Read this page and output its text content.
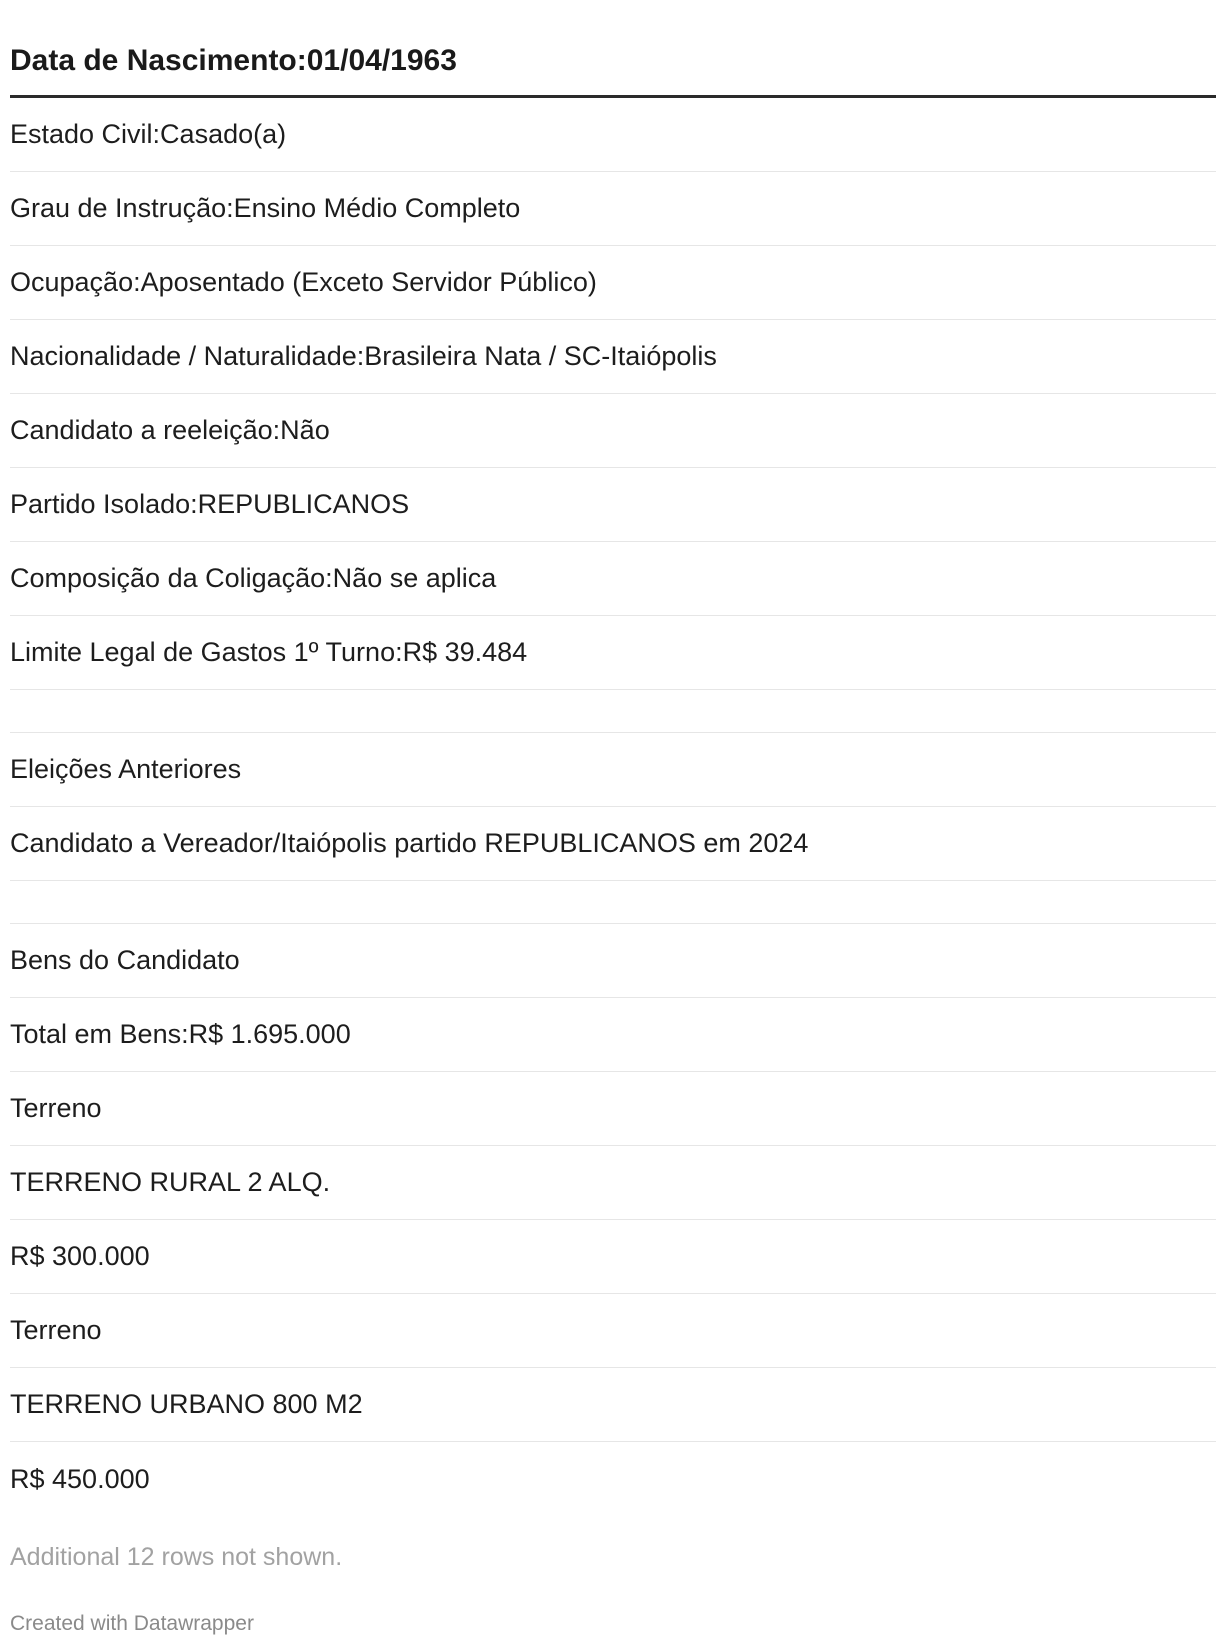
Data de Nascimento:01/04/1963
Estado Civil:Casado(a)
Grau de Instrução:Ensino Médio Completo
Ocupação:Aposentado (Exceto Servidor Público)
Nacionalidade / Naturalidade:Brasileira Nata / SC-Itaiópolis
Candidato a reeleição:Não
Partido Isolado:REPUBLICANOS
Composição da Coligação:Não se aplica
Limite Legal de Gastos 1º Turno:R$ 39.484
Eleições Anteriores
Candidato a Vereador/Itaiópolis partido REPUBLICANOS em 2024
Bens do Candidato
Total em Bens:R$ 1.695.000
Terreno
TERRENO RURAL 2 ALQ.
R$ 300.000
Terreno
TERRENO URBANO 800 M2
R$ 450.000
Additional 12 rows not shown.
Created with Datawrapper
